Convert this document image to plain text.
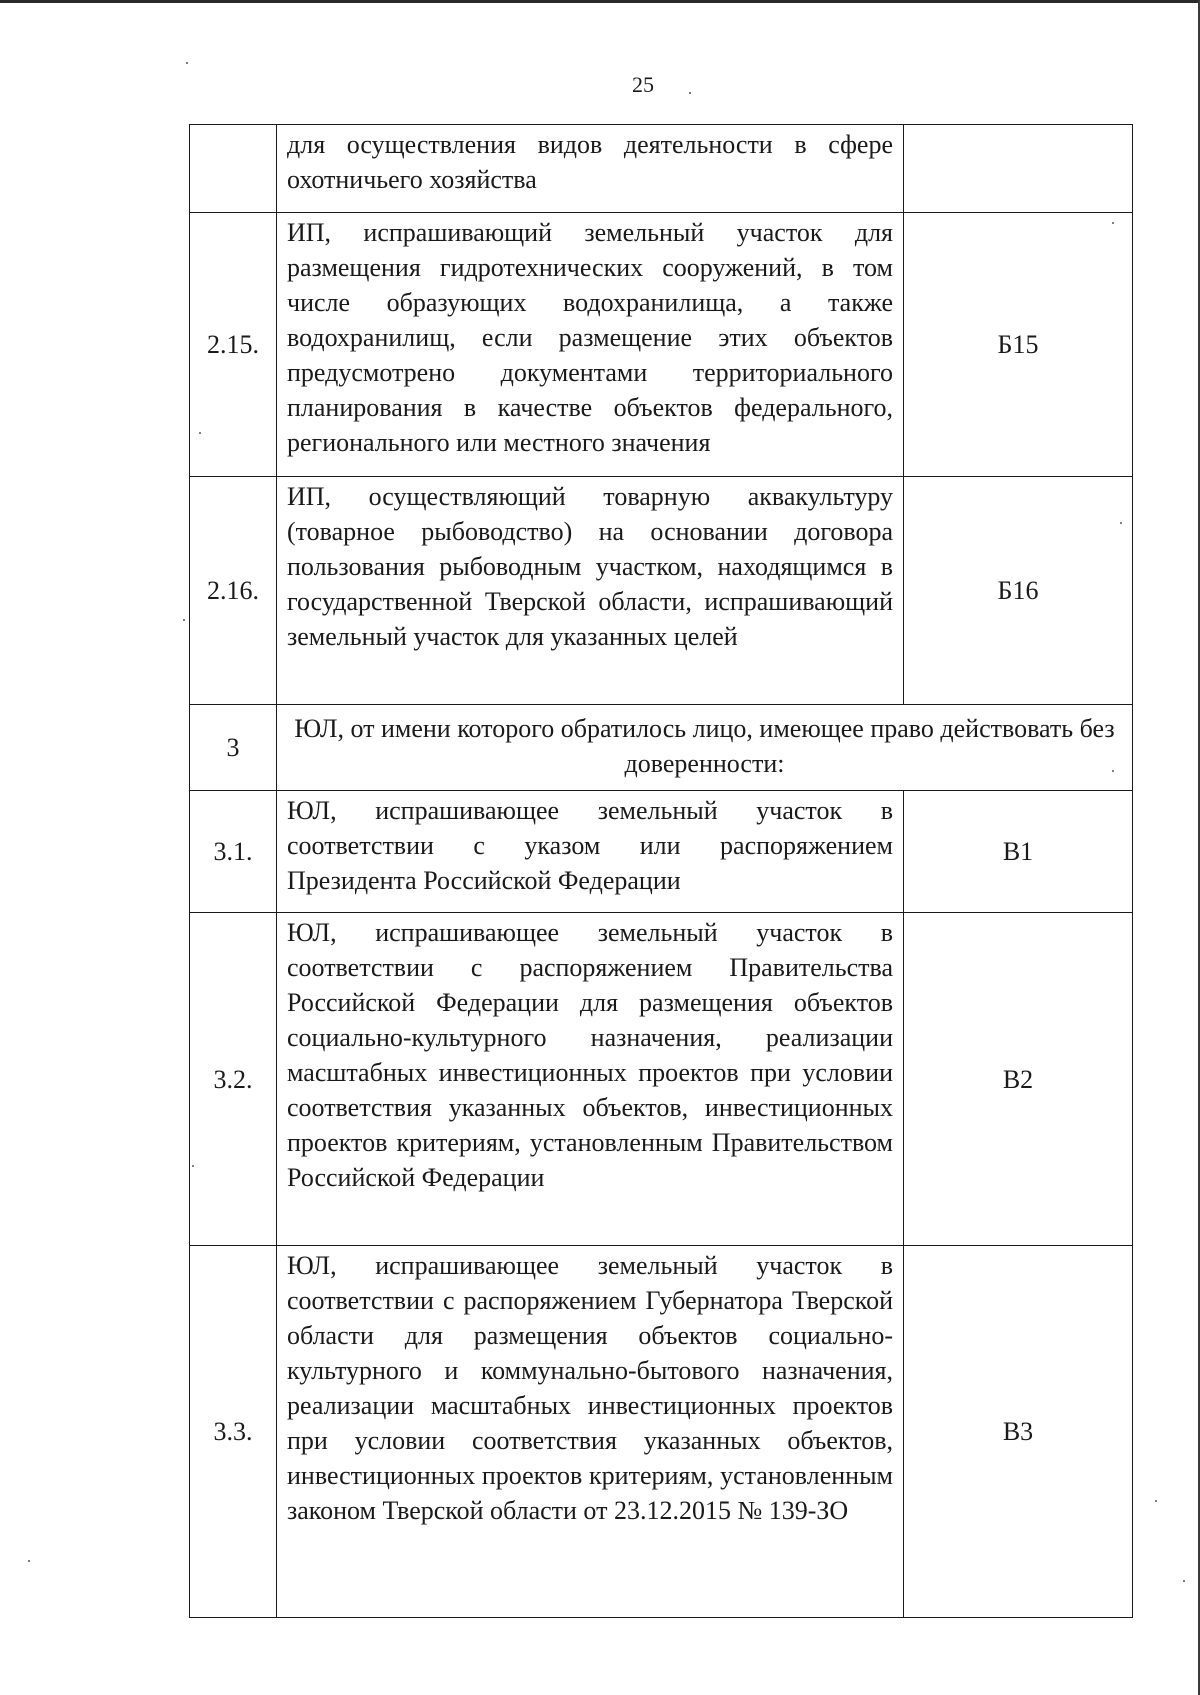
25

	для осуществления видов деятельности в сфере охотничьего хозяйства	

2.15.	ИП, испрашивающий земельный участок для размещения гидротехнических сооружений, в том числе образующих водохранилища, а также водохранилищ, если размещение этих объектов предусмотрено документами территориального планирования в качестве объектов федерального, регионального или местного значения	Б15
2.16.	ИП, осуществляющий товарную аквакультуру (товарное рыбоводство) на основании договора пользования рыбоводным участком, находящимся в государственной Тверской области, испрашивающий земельный участок для указанных целей	Б16
3	ЮЛ, от имени которого обратилось лицо, имеющее право действовать без доверенности:	
3.1.	ЮЛ, испрашивающее земельный участок в соответствии с указом или распоряжением Президента Российской Федерации	В1
3.2.	ЮЛ, испрашивающее земельный участок в соответствии с распоряжением Правительства Российской Федерации для размещения объектов социально-культурного назначения, реализации масштабных инвестиционных проектов при условии соответствия указанных объектов, инвестиционных проектов критериям, установленным Правительством Российской Федерации	В2
3.3.	ЮЛ, испрашивающее земельный участок в соответствии с распоряжением Губернатора Тверской области для размещения объектов социально-культурного и коммунально-бытового назначения, реализации масштабных инвестиционных проектов при условии соответствия указанных объектов, инвестиционных проектов критериям, установленным законом Тверской области от 23.12.2015 № 139-ЗО	В3
